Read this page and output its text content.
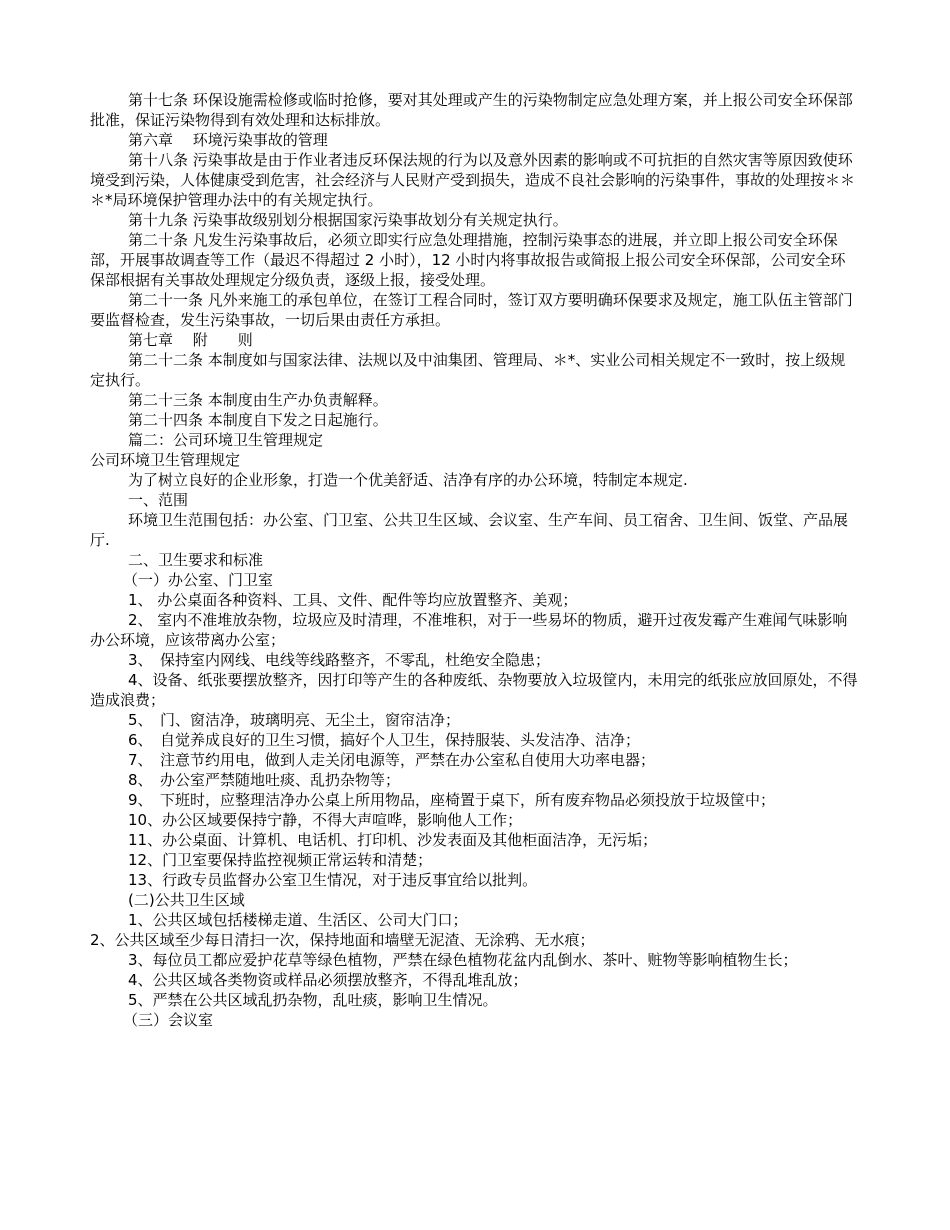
第十七条 环保设施需检修或临时抢修，要对其处理或产生的污染物制定应急处理方案，并上报公司安全环保部批准，保证污染物得到有效处理和达标排放。

第六章　 环境污染事故的管理

第十八条 污染事故是由于作业者违反环保法规的行为以及意外因素的影响或不可抗拒的自然灾害等原因致使环境受到污染，人体健康受到危害，社会经济与人民财产受到损失，造成不良社会影响的污染事件，事故的处理按＊＊＊*局环境保护管理办法中的有关规定执行。

第十九条 污染事故级别划分根据国家污染事故划分有关规定执行。

第二十条 凡发生污染事故后，必须立即实行应急处理措施，控制污染事态的进展，并立即上报公司安全环保部，开展事故调查等工作（最迟不得超过 2 小时），12 小时内将事故报告或简报上报公司安全环保部，公司安全环保部根据有关事故处理规定分级负责，逐级上报，接受处理。

第二十一条 凡外来施工的承包单位，在签订工程合同时，签订双方要明确环保要求及规定，施工队伍主管部门要监督检查，发生污染事故，一切后果由责任方承担。

第七章　 附　　则

第二十二条 本制度如与国家法律、法规以及中油集团、管理局、＊*、实业公司相关规定不一致时，按上级规定执行。

第二十三条 本制度由生产办负责解释。

第二十四条 本制度自下发之日起施行。

篇二：公司环境卫生管理规定

公司环境卫生管理规定

为了树立良好的企业形象，打造一个优美舒适、洁净有序的办公环境，特制定本规定.

一、范围

环境卫生范围包括：办公室、门卫室、公共卫生区域、会议室、生产车间、员工宿舍、卫生间、饭堂、产品展厅.

二、卫生要求和标准

（一）办公室、门卫室

1、 办公桌面各种资料、工具、文件、配件等均应放置整齐、美观；

2、 室内不准堆放杂物，垃圾应及时清理，不准堆积，对于一些易坏的物质，避开过夜发霉产生难闻气味影响办公环境，应该带离办公室；

3、　保持室内网线、电线等线路整齐，不零乱，杜绝安全隐患；

4、设备、纸张要摆放整齐，因打印等产生的各种废纸、杂物要放入垃圾筐内，未用完的纸张应放回原处，不得造成浪费；

5、　门、窗洁净，玻璃明亮、无尘土，窗帘洁净；

6、　自觉养成良好的卫生习惯，搞好个人卫生，保持服装、头发洁净、洁净；

7、　注意节约用电，做到人走关闭电源等，严禁在办公室私自使用大功率电器；

8、　办公室严禁随地吐痰、乱扔杂物等；

9、　下班时，应整理洁净办公桌上所用物品，座椅置于桌下，所有废弃物品必须投放于垃圾筐中；

10、办公区域要保持宁静，不得大声喧哗，影响他人工作；

11、办公桌面、计算机、电话机、打印机、沙发表面及其他柜面洁净，无污垢；

12、门卫室要保持监控视频正常运转和清楚；

13、行政专员监督办公室卫生情况，对于违反事宜给以批判。

(二)公共卫生区域

1、公共区域包括楼梯走道、生活区、公司大门口；

2、公共区域至少每日清扫一次，保持地面和墙壁无泥渣、无涂鸦、无水痕；

3、每位员工都应爱护花草等绿色植物，严禁在绿色植物花盆内乱倒水、茶叶、赃物等影响植物生长；

4、公共区域各类物资或样品必须摆放整齐，不得乱堆乱放；

5、严禁在公共区域乱扔杂物，乱吐痰，影响卫生情况。

（三）会议室
